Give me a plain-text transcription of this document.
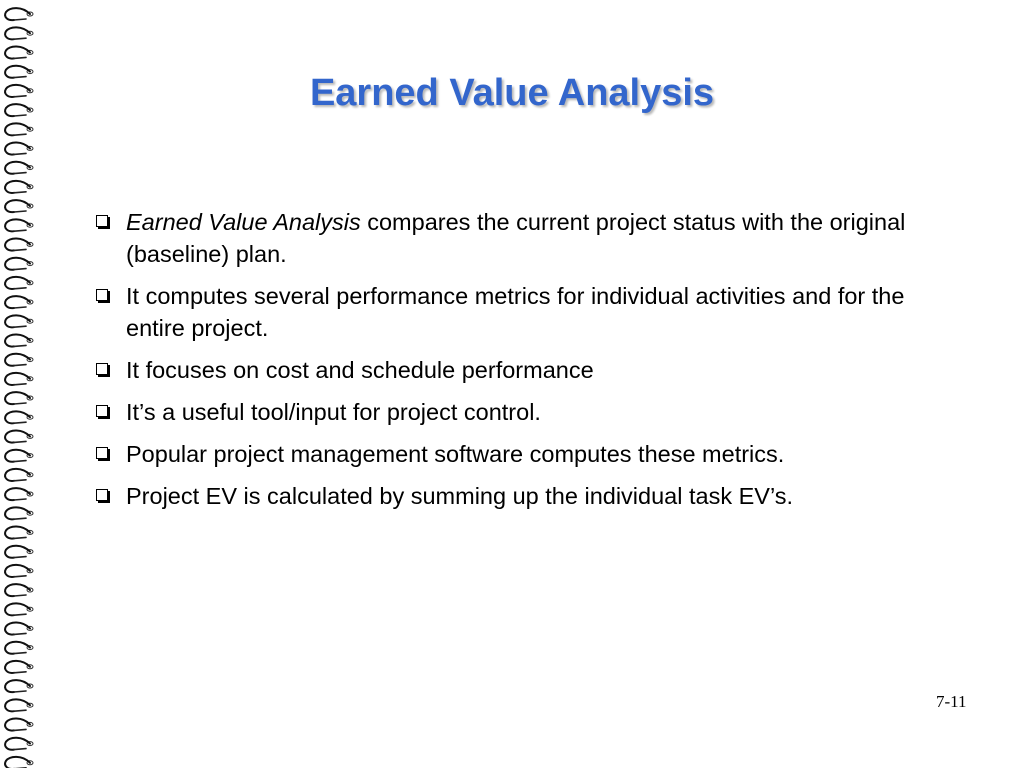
Earned Value Analysis
Earned Value Analysis compares the current project status with the original (baseline) plan.
It computes several performance metrics for individual activities and for the entire project.
It focuses on cost and schedule performance
It’s a useful tool/input for project control.
Popular project management software computes these metrics.
Project EV is calculated by summing up the individual task EV’s.
7-11
